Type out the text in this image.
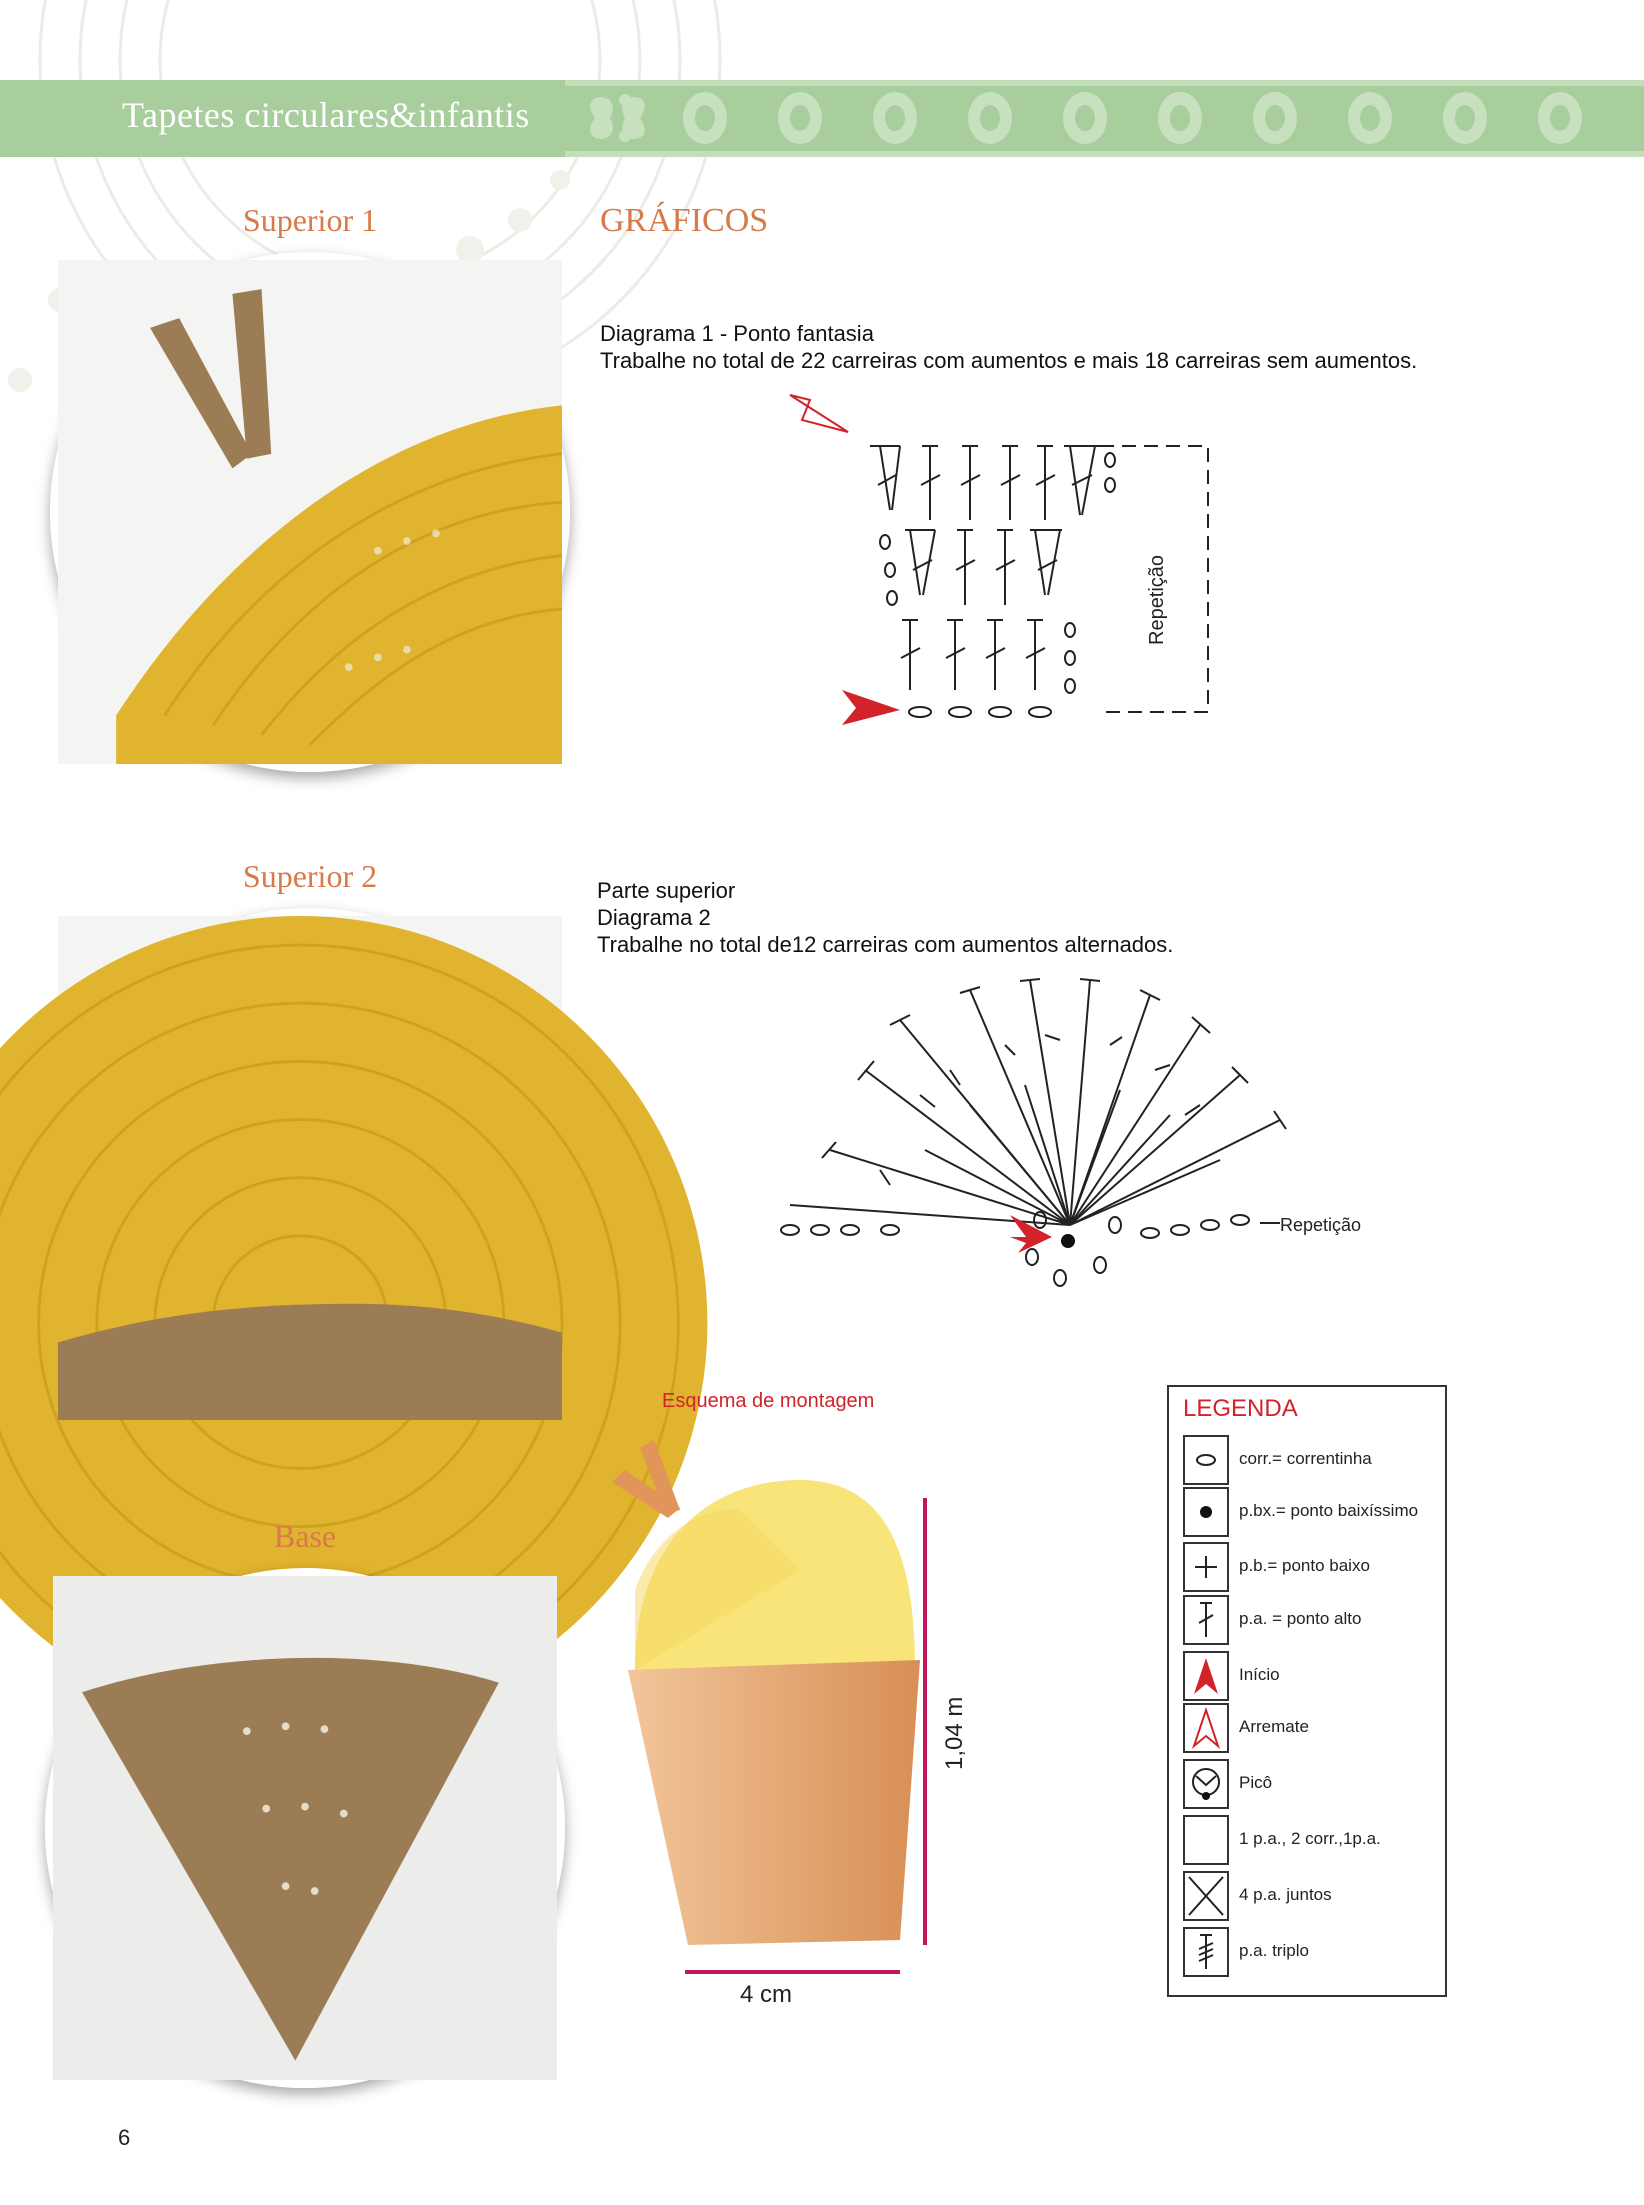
Tapetes circulares&infantis
Superior 1
Superior 2
Base
GRÁFICOS
Diagrama 1 - Ponto fantasia
Trabalhe no total de 22 carreiras com aumentos e mais 18 carreiras sem aumentos.
Repetição
Parte superior
Diagrama 2
Trabalhe no total de12 carreiras com aumentos alternados.
Repetição
Esquema de montagem
1,04 m
4 cm
LEGENDA
corr.= correntinha
p.bx.= ponto baixíssimo
p.b.= ponto baixo
p.a. = ponto alto
Início
Arremate
Picô
1 p.a., 2 corr.,1p.a.
4 p.a. juntos
p.a. triplo
6
